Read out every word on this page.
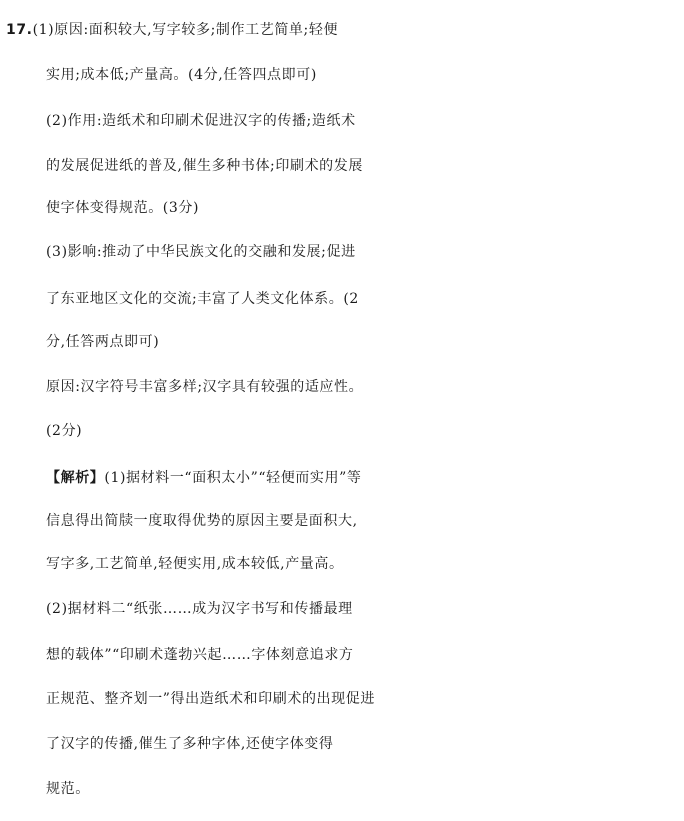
17.(1)原因:面积较大,写字较多;制作工艺简单;轻便
实用;成本低;产量高。(4分,任答四点即可)
(2)作用:造纸术和印刷术促进汉字的传播;造纸术
的发展促进纸的普及,催生多种书体;印刷术的发展
使字体变得规范。(3分)
(3)影响:推动了中华民族文化的交融和发展;促进
了东亚地区文化的交流;丰富了人类文化体系。(2
分,任答两点即可)
原因:汉字符号丰富多样;汉字具有较强的适应性。
(2分)
【解析】(1)据材料一“面积太小”“轻便而实用”等
信息得出简牍一度取得优势的原因主要是面积大,
写字多,工艺简单,轻便实用,成本较低,产量高。
(2)据材料二“纸张……成为汉字书写和传播最理
想的载体”“印刷术蓬勃兴起……字体刻意追求方
正规范、整齐划一”得出造纸术和印刷术的出现促进
了汉字的传播,催生了多种字体,还使字体变得
规范。
